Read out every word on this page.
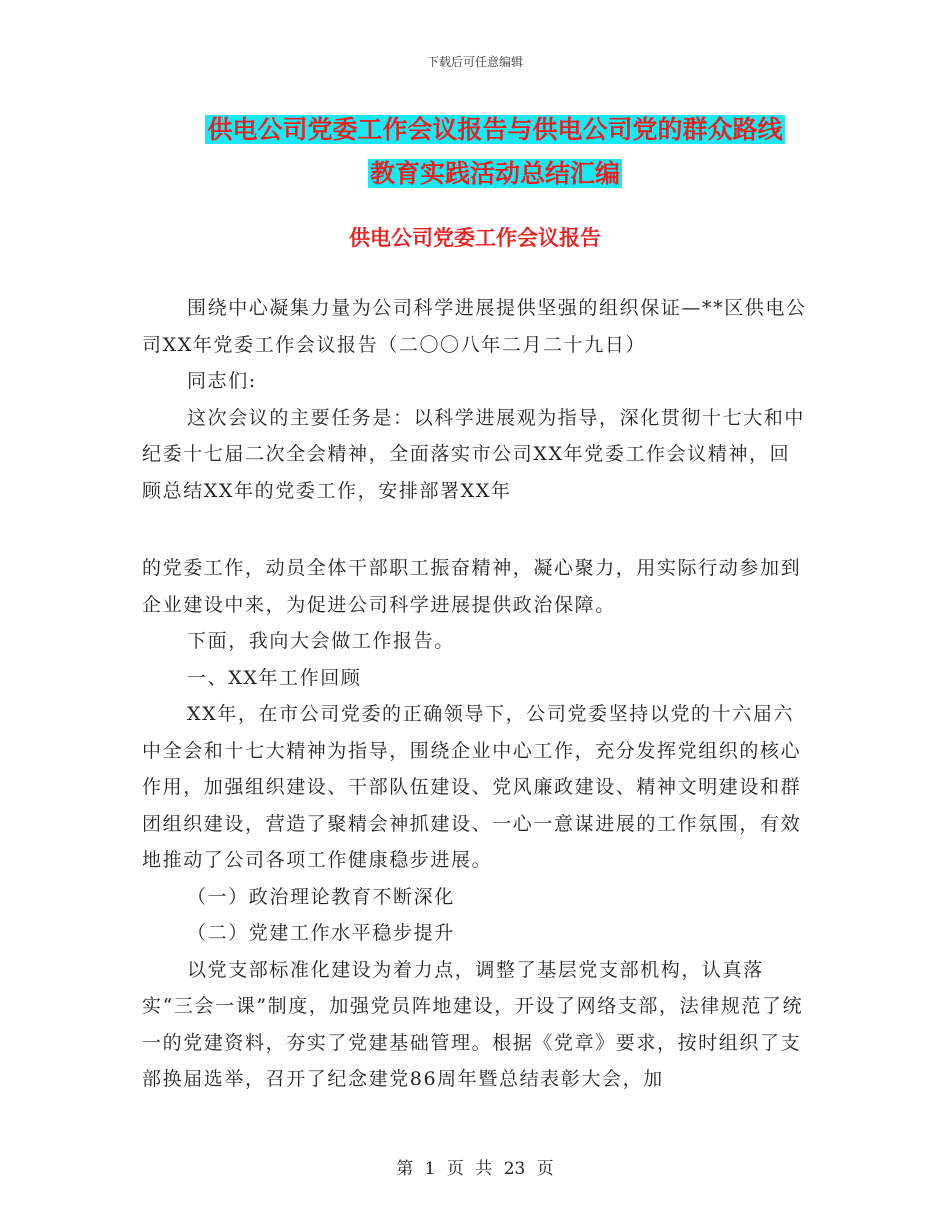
下载后可任意编辑
供电公司党委工作会议报告与供电公司党的群众路线
教育实践活动总结汇编
供电公司党委工作会议报告

围绕中心凝集力量为公司科学进展提供坚强的组织保证—**区供电公司XX年党委工作会议报告（二〇〇八年二月二十九日）

同志们:

这次会议的主要任务是：以科学进展观为指导，深化贯彻十七大和中纪委十七届二次全会精神，全面落实市公司XX年党委工作会议精神，回顾总结XX年的党委工作，安排部署XX年

的党委工作，动员全体干部职工振奋精神，凝心聚力，用实际行动参加到企业建设中来，为促进公司科学进展提供政治保障。

下面，我向大会做工作报告。

一、XX年工作回顾

XX年，在市公司党委的正确领导下，公司党委坚持以党的十六届六中全会和十七大精神为指导，围绕企业中心工作，充分发挥党组织的核心作用，加强组织建设、干部队伍建设、党风廉政建设、精神文明建设和群团组织建设，营造了聚精会神抓建设、一心一意谋进展的工作氛围，有效地推动了公司各项工作健康稳步进展。

（一）政治理论教育不断深化

（二）党建工作水平稳步提升

以党支部标准化建设为着力点，调整了基层党支部机构，认真落实“三会一课”制度，加强党员阵地建设，开设了网络支部，法律规范了统一的党建资料，夯实了党建基础管理。根据《党章》要求，按时组织了支部换届选举，召开了纪念建党86周年暨总结表彰大会，加

第 1 页 共 23 页
